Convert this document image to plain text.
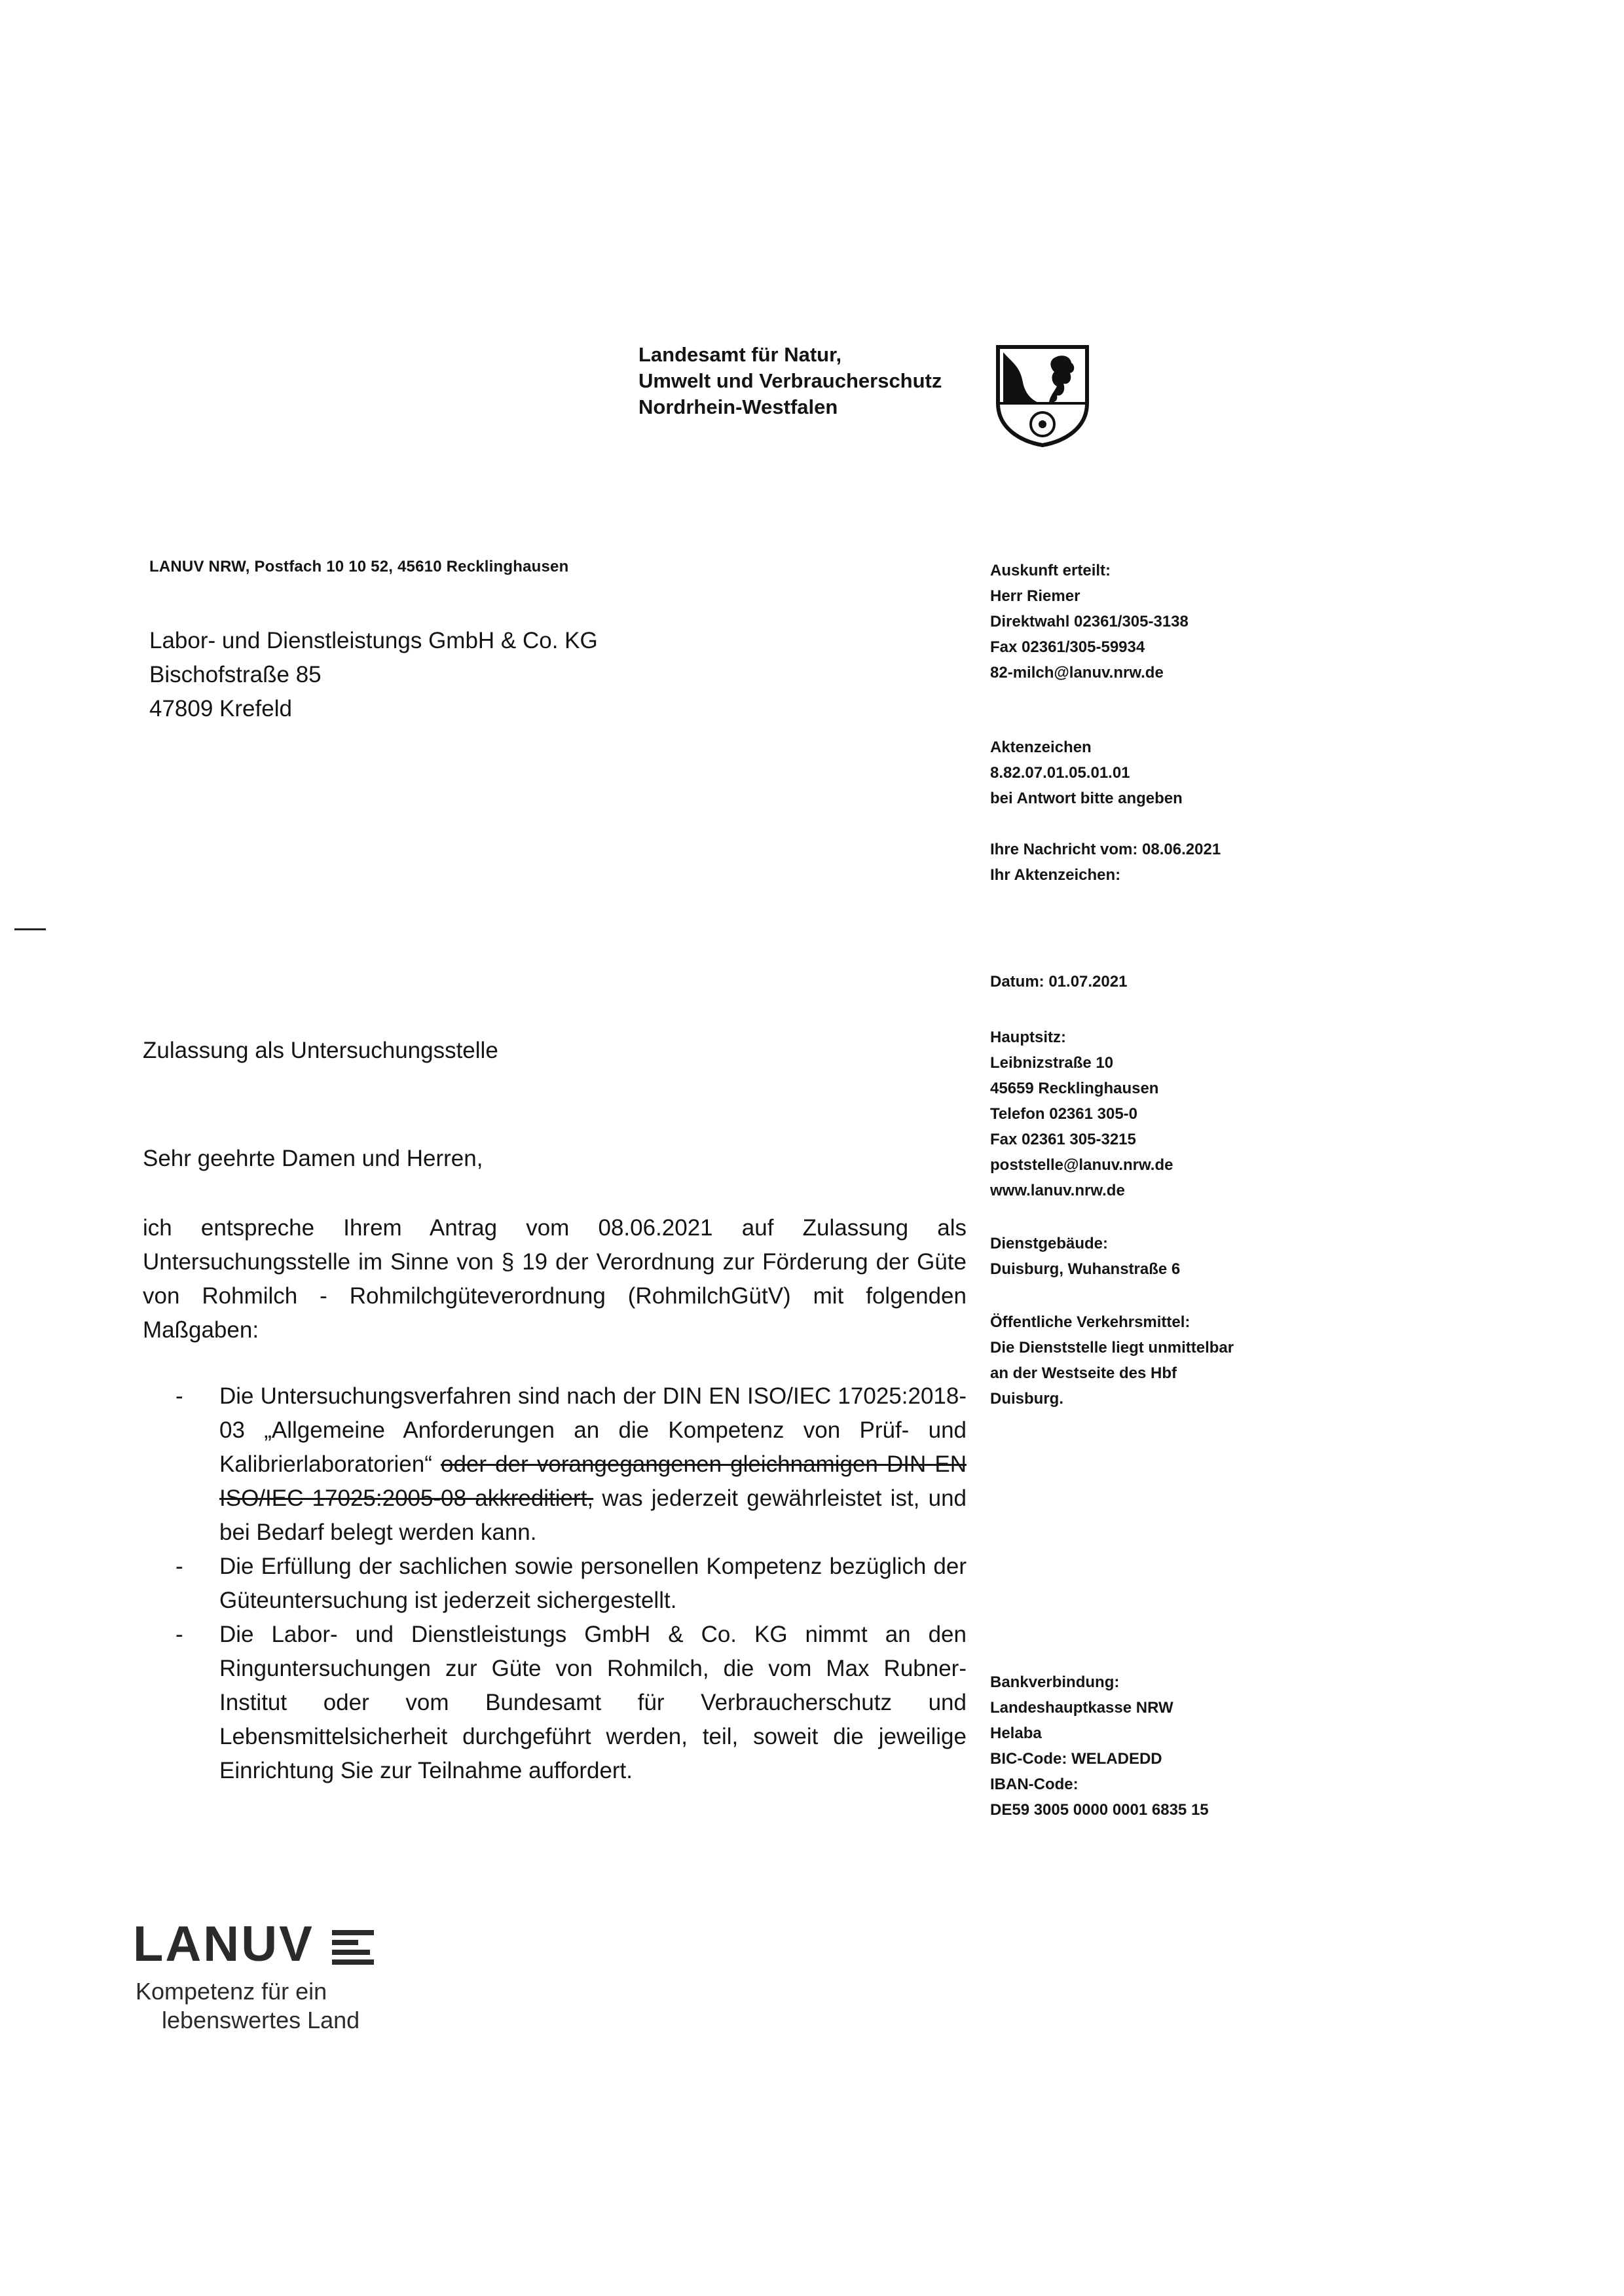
Landesamt für Natur,
Umwelt und Verbraucherschutz
Nordrhein-Westfalen
LANUV NRW, Postfach 10 10 52, 45610 Recklinghausen
Labor- und Dienstleistungs GmbH & Co. KG
Bischofstraße 85
47809 Krefeld
Auskunft erteilt:
Herr Riemer
Direktwahl 02361/305-3138
Fax 02361/305-59934
82-milch@lanuv.nrw.de
Aktenzeichen
8.82.07.01.05.01.01
bei Antwort bitte angeben
Ihre Nachricht vom: 08.06.2021
Ihr Aktenzeichen:
Datum: 01.07.2021
Hauptsitz:
Leibnizstraße 10
45659 Recklinghausen
Telefon 02361 305-0
Fax 02361 305-3215
poststelle@lanuv.nrw.de
www.lanuv.nrw.de
Dienstgebäude:
Duisburg, Wuhanstraße 6
Öffentliche Verkehrsmittel:
Die Dienststelle liegt unmittelbar
an der Westseite des Hbf
Duisburg.
Bankverbindung:
Landeshauptkasse NRW
Helaba
BIC-Code: WELADEDD
IBAN-Code:
DE59 3005 0000 0001 6835 15
Zulassung als Untersuchungsstelle
Sehr geehrte Damen und Herren,
ich entspreche Ihrem Antrag vom 08.06.2021 auf Zulassung als Untersuchungsstelle im Sinne von § 19 der Verordnung zur Förderung der Güte von Rohmilch - Rohmilchgüteverordnung (RohmilchGütV) mit folgenden Maßgaben:
- Die Untersuchungsverfahren sind nach der DIN EN ISO/IEC 17025:2018-03 „Allgemeine Anforderungen an die Kompetenz von Prüf- und Kalibrierlaboratorien“ oder der vorangegangenen gleichnamigen DIN EN ISO/IEC 17025:2005-08 akkreditiert, was jederzeit gewährleistet ist, und bei Bedarf belegt werden kann.
- Die Erfüllung der sachlichen sowie personellen Kompetenz bezüglich der Güteuntersuchung ist jederzeit sichergestellt.
- Die Labor- und Dienstleistungs GmbH & Co. KG nimmt an den Ringuntersuchungen zur Güte von Rohmilch, die vom Max Rubner-Institut oder vom Bundesamt für Verbraucherschutz und Lebensmittelsicherheit durchgeführt werden, teil, soweit die jeweilige Einrichtung Sie zur Teilnahme auffordert.
LANUV
Kompetenz für ein
lebenswertes Land
